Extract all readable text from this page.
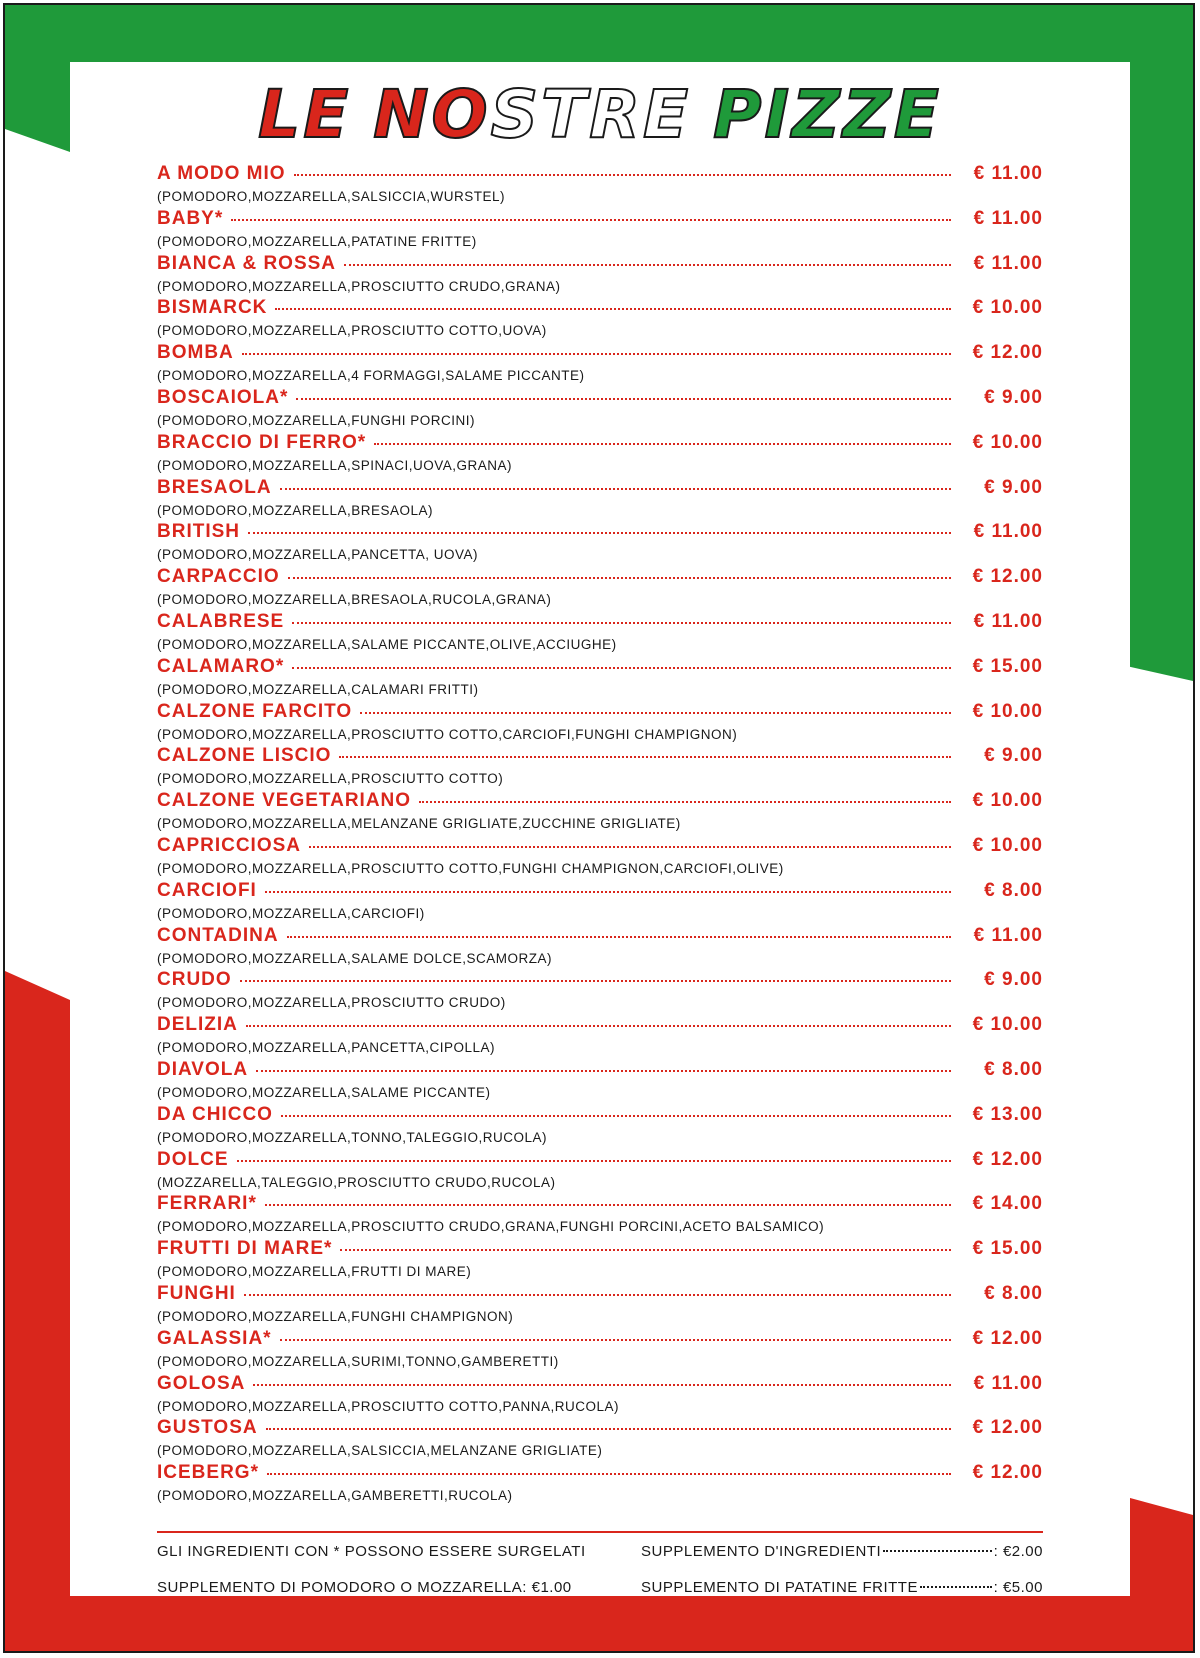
LE NOSTRE PIZZE
A MODO MIO	€ 11.00
(POMODORO,MOZZARELLA,SALSICCIA,WURSTEL)
BABY*	€ 11.00
(POMODORO,MOZZARELLA,PATATINE FRITTE)
BIANCA & ROSSA	€ 11.00
(POMODORO,MOZZARELLA,PROSCIUTTO CRUDO,GRANA)
BISMARCK	€ 10.00
(POMODORO,MOZZARELLA,PROSCIUTTO COTTO,UOVA)
BOMBA	€ 12.00
(POMODORO,MOZZARELLA,4 FORMAGGI,SALAME PICCANTE)
BOSCAIOLA*	€ 9.00
(POMODORO,MOZZARELLA,FUNGHI PORCINI)
BRACCIO DI FERRO*	€ 10.00
(POMODORO,MOZZARELLA,SPINACI,UOVA,GRANA)
BRESAOLA	€ 9.00
(POMODORO,MOZZARELLA,BRESAOLA)
BRITISH	€ 11.00
(POMODORO,MOZZARELLA,PANCETTA, UOVA)
CARPACCIO	€ 12.00
(POMODORO,MOZZARELLA,BRESAOLA,RUCOLA,GRANA)
CALABRESE	€ 11.00
(POMODORO,MOZZARELLA,SALAME PICCANTE,OLIVE,ACCIUGHE)
CALAMARO*	€ 15.00
(POMODORO,MOZZARELLA,CALAMARI FRITTI)
CALZONE FARCITO	€ 10.00
(POMODORO,MOZZARELLA,PROSCIUTTO COTTO,CARCIOFI,FUNGHI CHAMPIGNON)
CALZONE LISCIO	€ 9.00
(POMODORO,MOZZARELLA,PROSCIUTTO COTTO)
CALZONE VEGETARIANO	€ 10.00
(POMODORO,MOZZARELLA,MELANZANE GRIGLIATE,ZUCCHINE GRIGLIATE)
CAPRICCIOSA	€ 10.00
(POMODORO,MOZZARELLA,PROSCIUTTO COTTO,FUNGHI CHAMPIGNON,CARCIOFI,OLIVE)
CARCIOFI	€ 8.00
(POMODORO,MOZZARELLA,CARCIOFI)
CONTADINA	€ 11.00
(POMODORO,MOZZARELLA,SALAME DOLCE,SCAMORZA)
CRUDO	€ 9.00
(POMODORO,MOZZARELLA,PROSCIUTTO CRUDO)
DELIZIA	€ 10.00
(POMODORO,MOZZARELLA,PANCETTA,CIPOLLA)
DIAVOLA	€ 8.00
(POMODORO,MOZZARELLA,SALAME PICCANTE)
DA CHICCO	€ 13.00
(POMODORO,MOZZARELLA,TONNO,TALEGGIO,RUCOLA)
DOLCE	€ 12.00
(MOZZARELLA,TALEGGIO,PROSCIUTTO CRUDO,RUCOLA)
FERRARI*	€ 14.00
(POMODORO,MOZZARELLA,PROSCIUTTO CRUDO,GRANA,FUNGHI PORCINI,ACETO BALSAMICO)
FRUTTI DI MARE*	€ 15.00
(POMODORO,MOZZARELLA,FRUTTI DI MARE)
FUNGHI	€ 8.00
(POMODORO,MOZZARELLA,FUNGHI CHAMPIGNON)
GALASSIA*	€ 12.00
(POMODORO,MOZZARELLA,SURIMI,TONNO,GAMBERETTI)
GOLOSA	€ 11.00
(POMODORO,MOZZARELLA,PROSCIUTTO COTTO,PANNA,RUCOLA)
GUSTOSA	€ 12.00
(POMODORO,MOZZARELLA,SALSICCIA,MELANZANE GRIGLIATE)
ICEBERG*	€ 12.00
(POMODORO,MOZZARELLA,GAMBERETTI,RUCOLA)
GLI INGREDIENTI CON * POSSONO ESSERE SURGELATI	SUPPLEMENTO D'INGREDIENTI	: €2.00
SUPPLEMENTO DI POMODORO O MOZZARELLA: €1.00	SUPPLEMENTO DI PATATINE FRITTE	: €5.00
